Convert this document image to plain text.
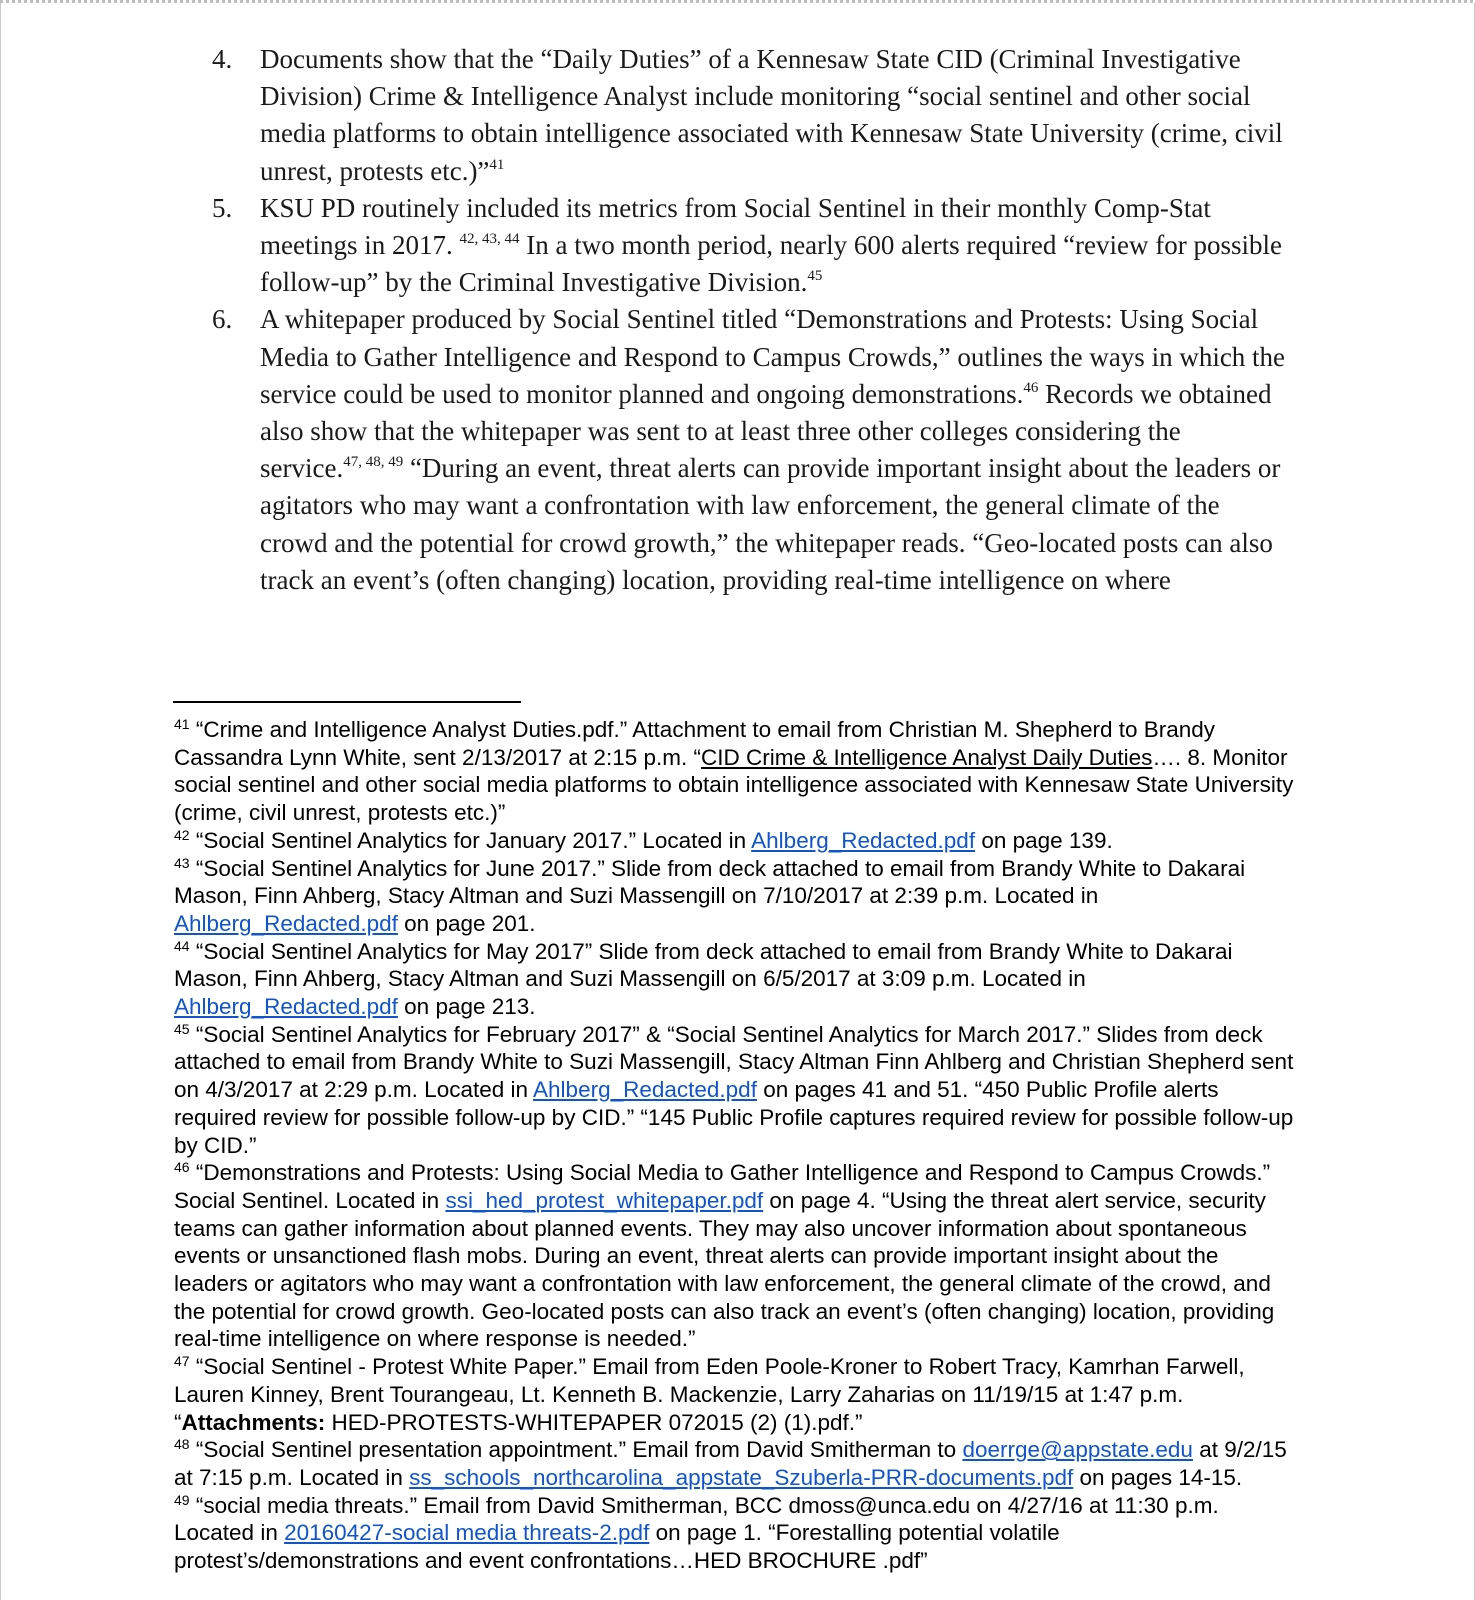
4. Documents show that the “Daily Duties” of a Kennesaw State CID (Criminal Investigative Division) Crime & Intelligence Analyst include monitoring “social sentinel and other social media platforms to obtain intelligence associated with Kennesaw State University (crime, civil unrest, protests etc.)”$^{41}$
5. KSU PD routinely included its metrics from Social Sentinel in their monthly Comp-Stat meetings in 2017. $^{42, 43, 44}$ In a two month period, nearly 600 alerts required “review for possible follow-up” by the Criminal Investigative Division.$^{45}$
6. A whitepaper produced by Social Sentinel titled “Demonstrations and Protests: Using Social Media to Gather Intelligence and Respond to Campus Crowds,” outlines the ways in which the service could be used to monitor planned and ongoing demonstrations.$^{46}$ Records we obtained also show that the whitepaper was sent to at least three other colleges considering the service.$^{47, 48, 49}$ “During an event, threat alerts can provide important insight about the leaders or agitators who may want a confrontation with law enforcement, the general climate of the crowd and the potential for crowd growth,” the whitepaper reads. “Geo-located posts can also track an event’s (often changing) location, providing real-time intelligence on where

$^{41}$ “Crime and Intelligence Analyst Duties.pdf.” Attachment to email from Christian M. Shepherd to Brandy Cassandra Lynn White, sent 2/13/2017 at 2:15 p.m. “CID Crime & Intelligence Analyst Daily Duties…. 8. Monitor social sentinel and other social media platforms to obtain intelligence associated with Kennesaw State University (crime, civil unrest, protests etc.)”

$^{42}$ “Social Sentinel Analytics for January 2017.” Located in Ahlberg_Redacted.pdf on page 139.

$^{43}$ “Social Sentinel Analytics for June 2017.” Slide from deck attached to email from Brandy White to Dakarai Mason, Finn Ahberg, Stacy Altman and Suzi Massengill on 7/10/2017 at 2:39 p.m. Located in Ahlberg_Redacted.pdf on page 201.

$^{44}$ “Social Sentinel Analytics for May 2017” Slide from deck attached to email from Brandy White to Dakarai Mason, Finn Ahberg, Stacy Altman and Suzi Massengill on 6/5/2017 at 3:09 p.m. Located in Ahlberg_Redacted.pdf on page 213.

$^{45}$ “Social Sentinel Analytics for February 2017” & “Social Sentinel Analytics for March 2017.” Slides from deck attached to email from Brandy White to Suzi Massengill, Stacy Altman Finn Ahlberg and Christian Shepherd sent on 4/3/2017 at 2:29 p.m. Located in Ahlberg_Redacted.pdf on pages 41 and 51. “450 Public Profile alerts required review for possible follow-up by CID.” “145 Public Profile captures required review for possible follow-up by CID.”

$^{46}$ “Demonstrations and Protests: Using Social Media to Gather Intelligence and Respond to Campus Crowds.” Social Sentinel. Located in ssi_hed_protest_whitepaper.pdf on page 4. “Using the threat alert service, security teams can gather information about planned events. They may also uncover information about spontaneous events or unsanctioned flash mobs. During an event, threat alerts can provide important insight about the leaders or agitators who may want a confrontation with law enforcement, the general climate of the crowd, and the potential for crowd growth. Geo-located posts can also track an event’s (often changing) location, providing real-time intelligence on where response is needed.”

$^{47}$ “Social Sentinel - Protest White Paper.” Email from Eden Poole-Kroner to Robert Tracy, Kamrhan Farwell, Lauren Kinney, Brent Tourangeau, Lt. Kenneth B. Mackenzie, Larry Zaharias on 11/19/15 at 1:47 p.m. “Attachments: HED-PROTESTS-WHITEPAPER 072015 (2) (1).pdf.”

$^{48}$ “Social Sentinel presentation appointment.” Email from David Smitherman to doerrge@appstate.edu at 9/2/15 at 7:15 p.m. Located in ss_schools_northcarolina_appstate_Szuberla-PRR-documents.pdf on pages 14-15.

$^{49}$ “social media threats.” Email from David Smitherman, BCC dmoss@unca.edu on 4/27/16 at 11:30 p.m. Located in 20160427-social media threats-2.pdf on page 1. “Forestalling potential volatile protest’s/demonstrations and event confrontations…HED BROCHURE .pdf”
